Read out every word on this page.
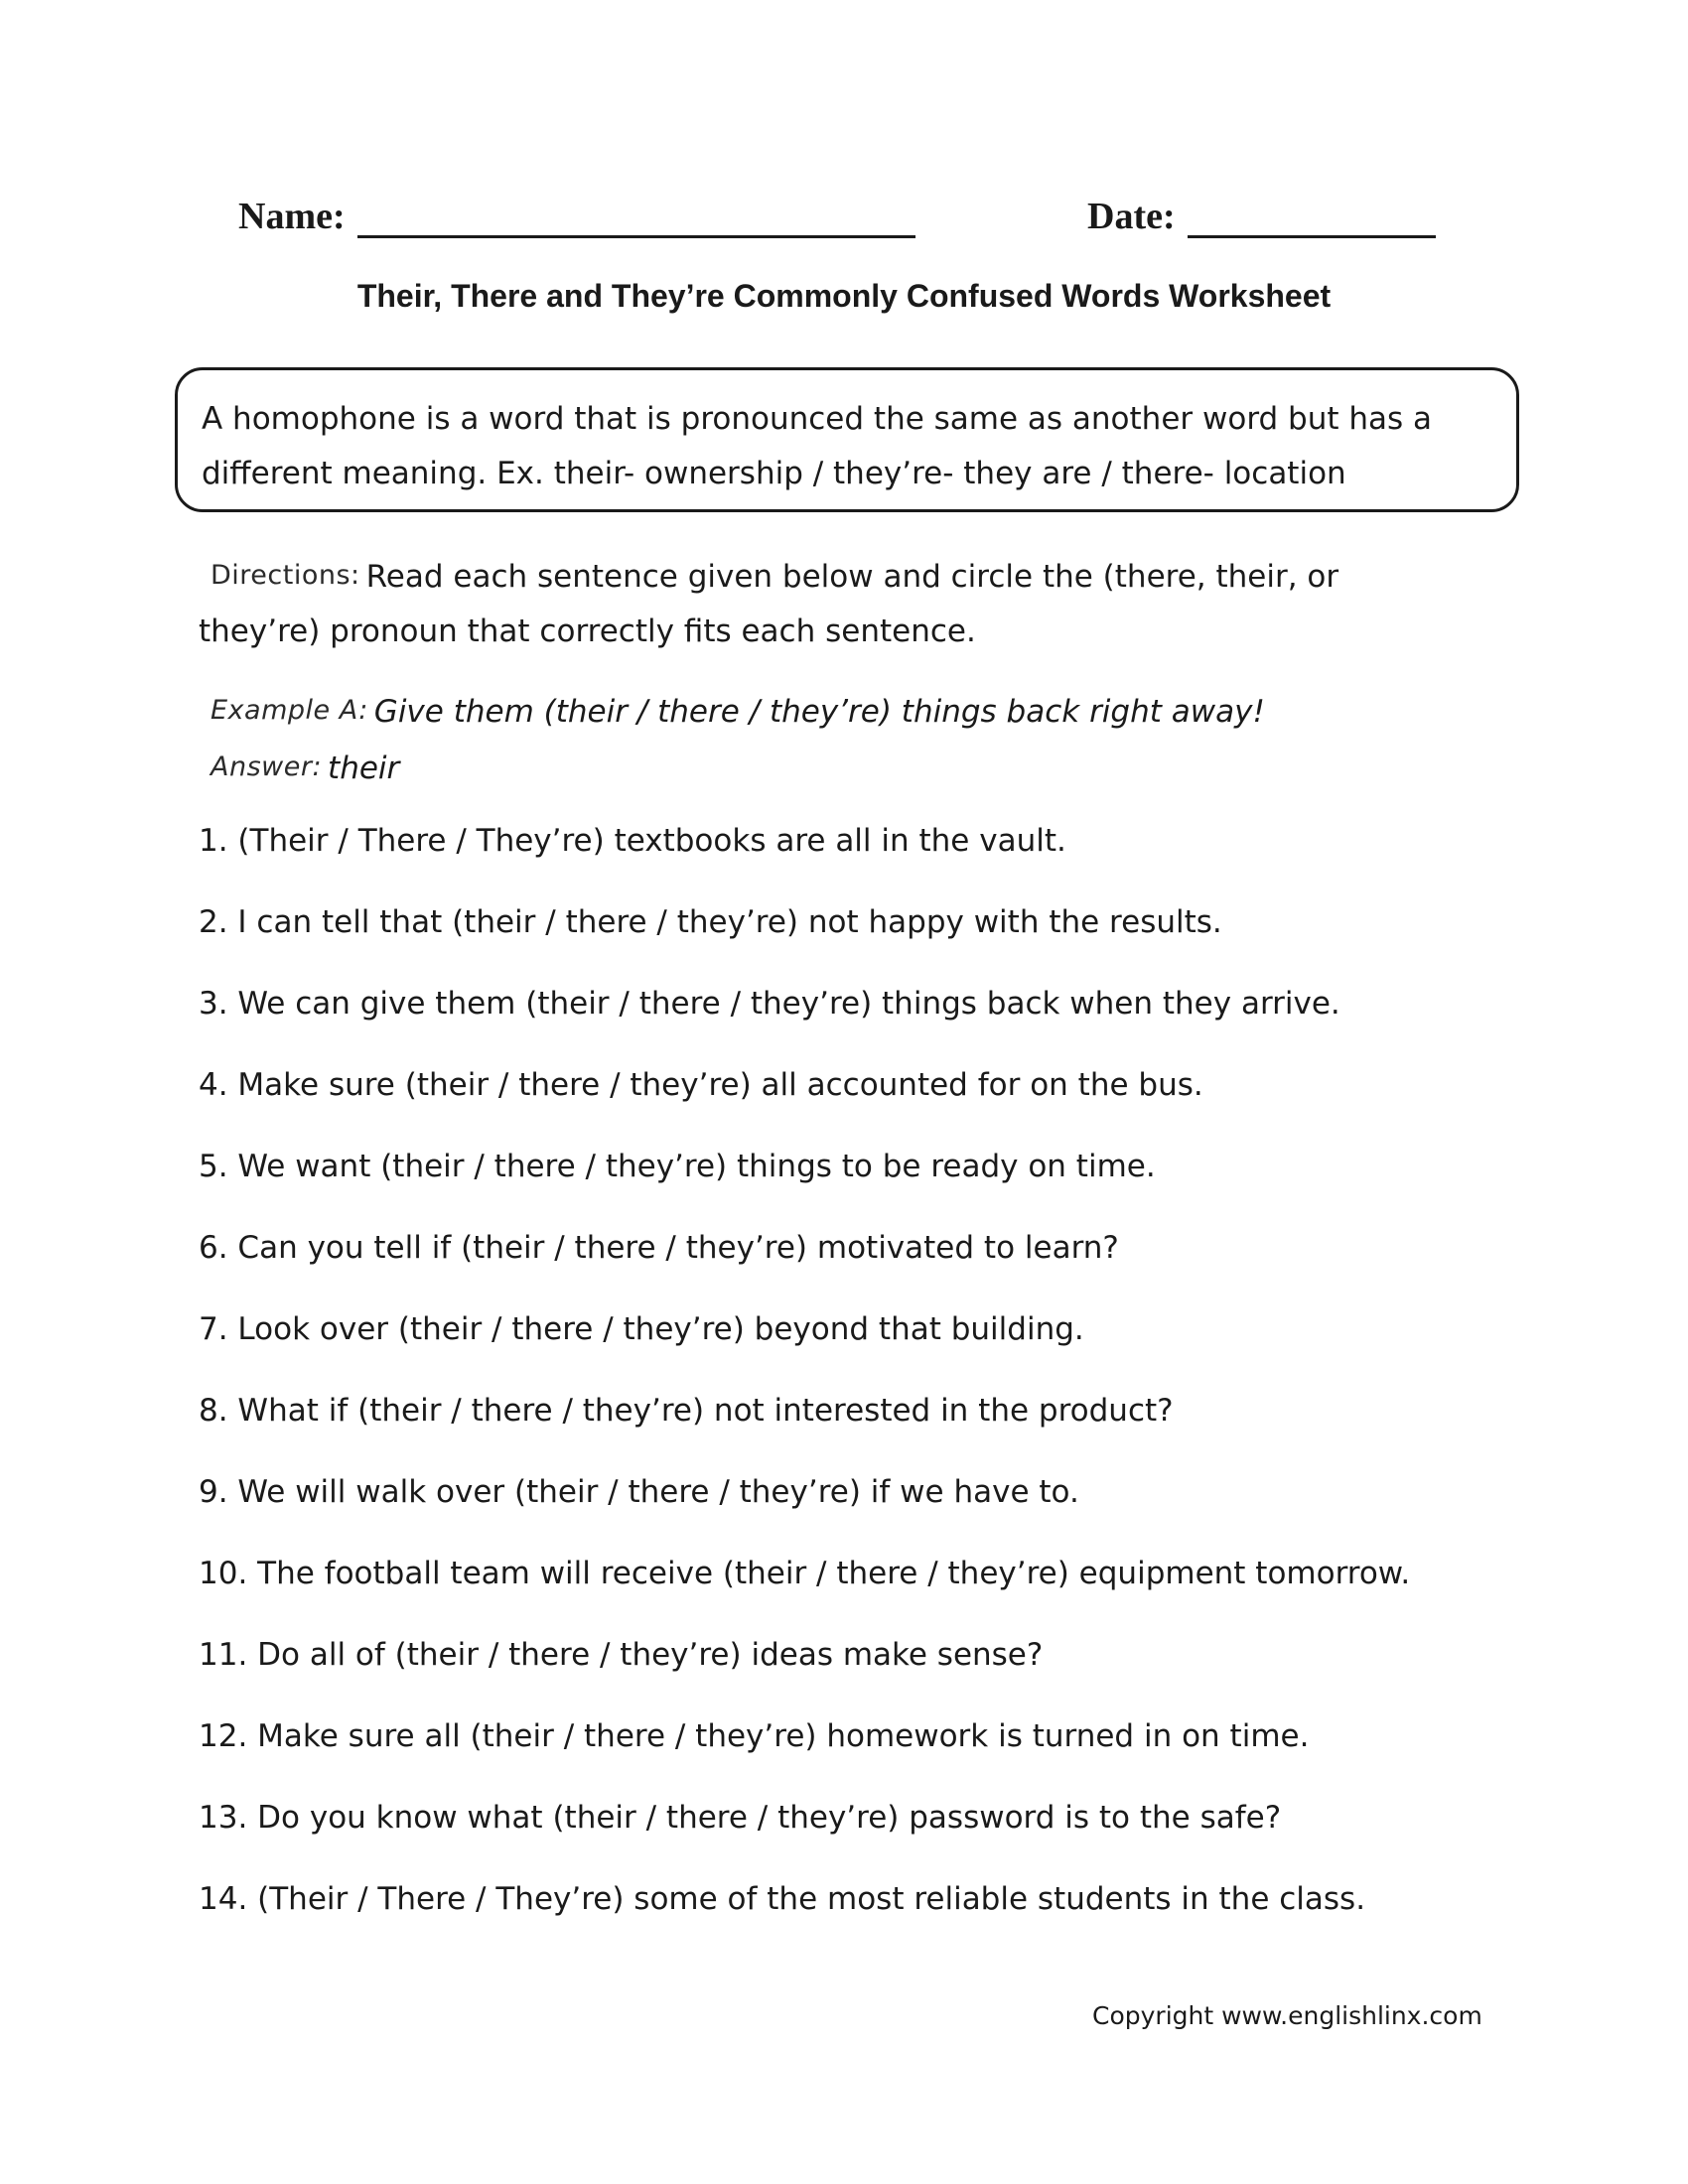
Name:	Date:
Their, There and They’re Commonly Confused Words Worksheet

A homophone is a word that is pronounced the same as another word but has a

different meaning. Ex. their- ownership / they’re- they are / there- location

Directions: Read each sentence given below and circle the (there, their, or

they’re) pronoun that correctly fits each sentence.

Example A: Give them (their / there / they’re) things back right away!

Answer: their

1. (Their / There / They’re) textbooks are all in the vault.
2. I can tell that (their / there / they’re) not happy with the results.
3. We can give them (their / there / they’re) things back when they arrive.
4. Make sure (their / there / they’re) all accounted for on the bus.
5. We want (their / there / they’re) things to be ready on time.
6. Can you tell if (their / there / they’re) motivated to learn?
7. Look over (their / there / they’re) beyond that building.
8. What if (their / there / they’re) not interested in the product?
9. We will walk over (their / there / they’re) if we have to.
10. The football team will receive (their / there / they’re) equipment tomorrow.
11. Do all of (their / there / they’re) ideas make sense?
12. Make sure all (their / there / they’re) homework is turned in on time.
13. Do you know what (their / there / they’re) password is to the safe?
14. (Their / There / They’re) some of the most reliable students in the class.
Copyright www.englishlinx.com
